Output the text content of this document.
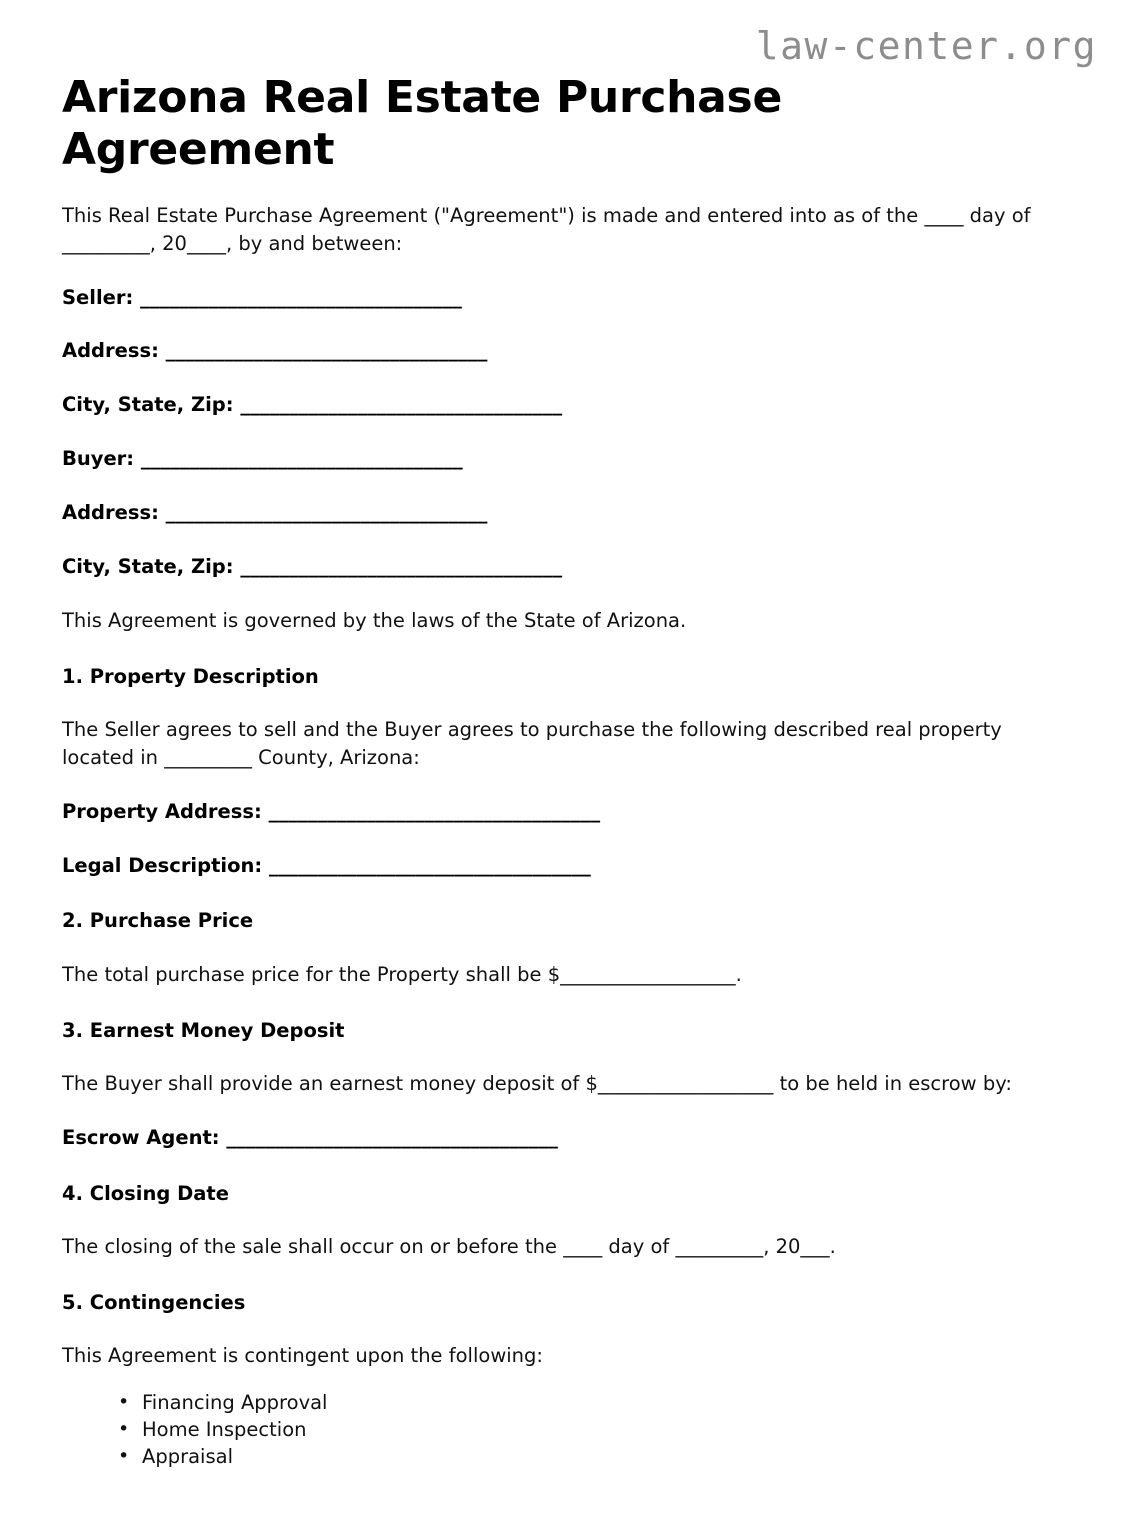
law-center.org
Arizona Real Estate Purchase Agreement

This Real Estate Purchase Agreement ("Agreement") is made and entered into as of the ____ day of _________, 20____, by and between:

Seller: _________________________________

Address: _________________________________

City, State, Zip: _________________________________

Buyer: _________________________________

Address: _________________________________

City, State, Zip: _________________________________

This Agreement is governed by the laws of the State of Arizona.

1. Property Description

The Seller agrees to sell and the Buyer agrees to purchase the following described real property located in _________ County, Arizona:

Property Address: __________________________________

Legal Description: _________________________________

2. Purchase Price

The total purchase price for the Property shall be $__________________.

3. Earnest Money Deposit

The Buyer shall provide an earnest money deposit of $__________________ to be held in escrow by:

Escrow Agent: __________________________________

4. Closing Date

The closing of the sale shall occur on or before the ____ day of _________, 20___.

5. Contingencies

This Agreement is contingent upon the following:

• Financing Approval
• Home Inspection
• Appraisal
